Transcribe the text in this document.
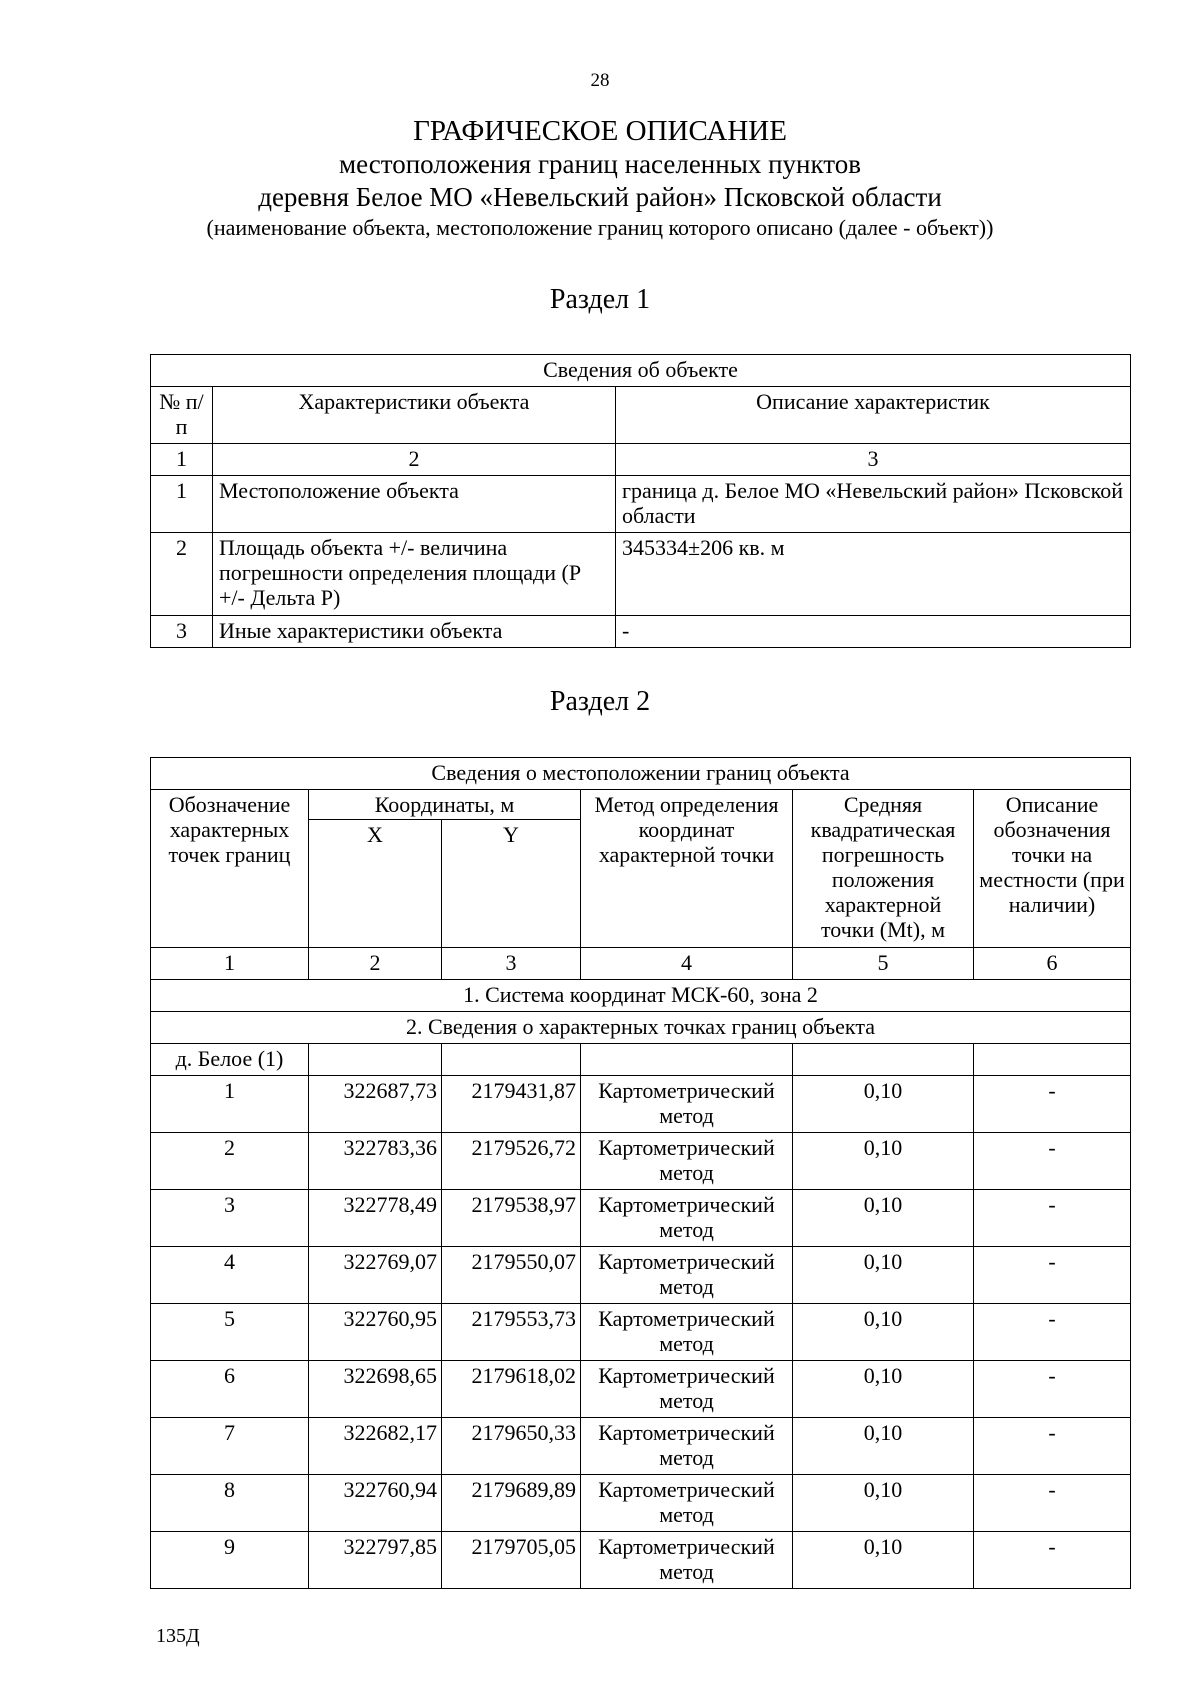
28
ГРАФИЧЕСКОЕ ОПИСАНИЕ
местоположения границ населенных пунктов
деревня Белое МО «Невельский район» Псковской области
(наименование объекта, местоположение границ которого описано (далее - объект))
Раздел 1
Сведения об объекте		
№ п/п	Характеристики объекта	Описание характеристик
1	2	3
1	Местоположение объекта	граница д. Белое МО «Невельский район» Псковской области
2	Площадь объекта +/- величина погрешности определения площади (Р +/- Дельта Р)	345334±206 кв. м
3	Иные характеристики объекта	-
Раздел 2
Сведения о местоположении границ объекта					
Обозначение характерных точек границ	Координаты, м		Метод определения координат характерной точки	Средняя квадратическая погрешность положения характерной точки (Mt), м	Описание обозначения точки на местности (при наличии)
	X	Y			
1	2	3	4	5	6
1. Система координат МСК-60, зона 2					
2. Сведения о характерных точках границ объекта					
д. Белое (1)					
1	322687,73	2179431,87	Картометрический метод	0,10	-
2	322783,36	2179526,72	Картометрический метод	0,10	-
3	322778,49	2179538,97	Картометрический метод	0,10	-
4	322769,07	2179550,07	Картометрический метод	0,10	-
5	322760,95	2179553,73	Картометрический метод	0,10	-
6	322698,65	2179618,02	Картометрический метод	0,10	-
7	322682,17	2179650,33	Картометрический метод	0,10	-
8	322760,94	2179689,89	Картометрический метод	0,10	-
9	322797,85	2179705,05	Картометрический метод	0,10	-
135Д
